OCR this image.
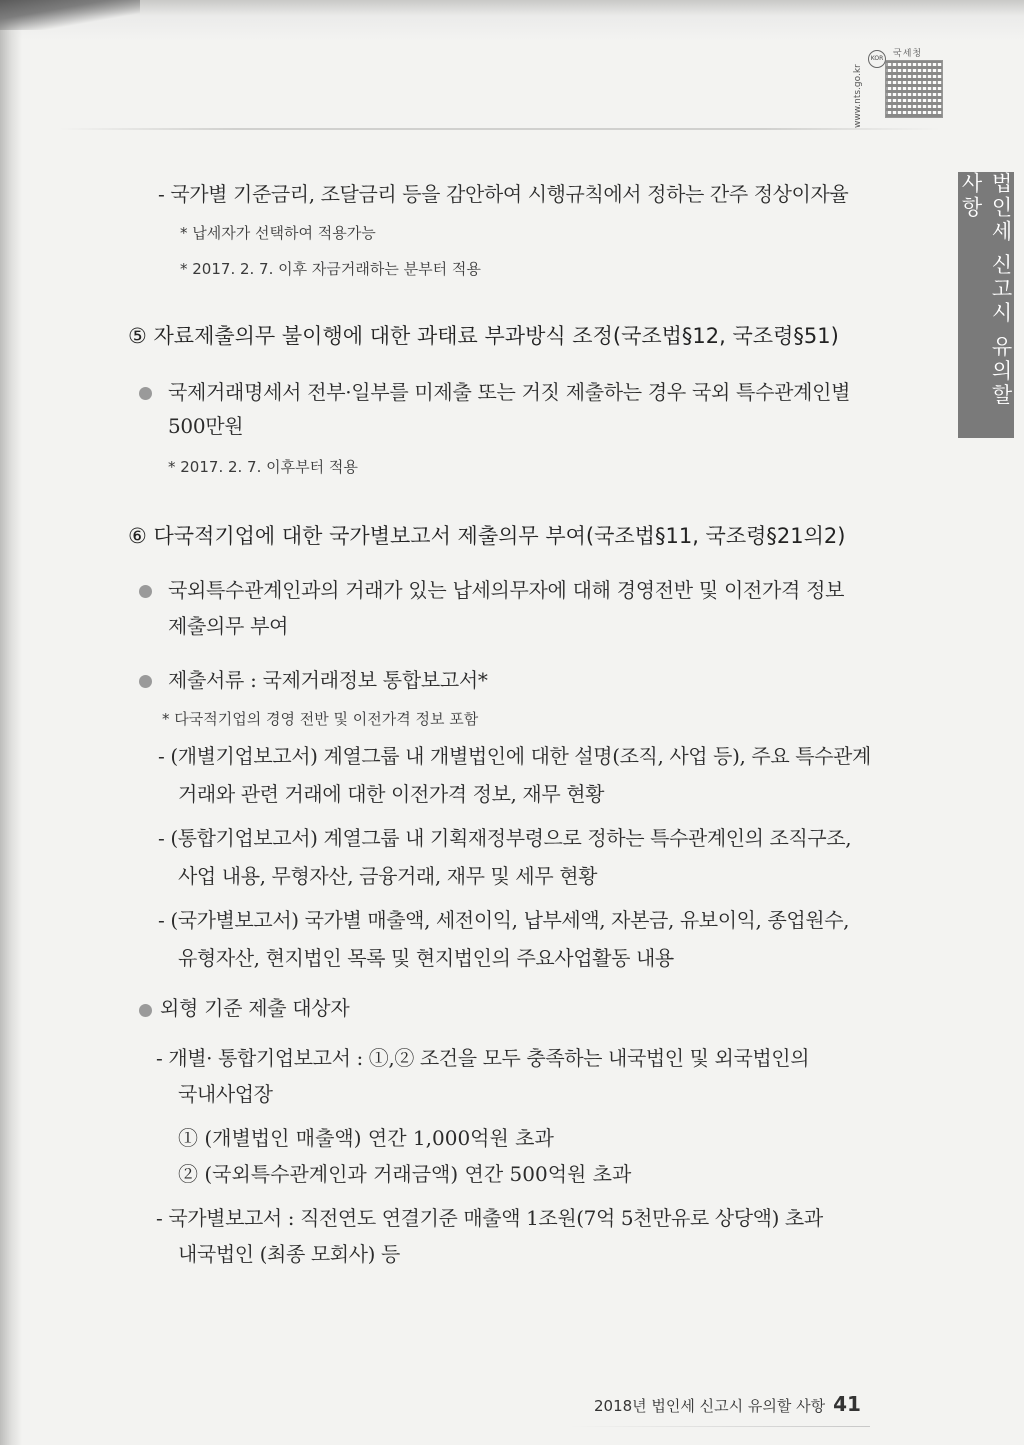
www.nts.go.kr
KOR	국세청
법인세 신고시 유의할 사항
- 국가별 기준금리, 조달금리 등을 감안하여 시행규칙에서 정하는 간주 정상이자율
* 납세자가 선택하여 적용가능
* 2017. 2. 7. 이후 자금거래하는 분부터 적용
⑤ 자료제출의무 불이행에 대한 과태료 부과방식 조정(국조법§12, 국조령§51)
국제거래명세서 전부·일부를 미제출 또는 거짓 제출하는 경우 국외 특수관계인별
500만원
* 2017. 2. 7. 이후부터 적용
⑥ 다국적기업에 대한 국가별보고서 제출의무 부여(국조법§11, 국조령§21의2)
국외특수관계인과의 거래가 있는 납세의무자에 대해 경영전반 및 이전가격 정보
제출의무 부여
제출서류 : 국제거래정보 통합보고서*
* 다국적기업의 경영 전반 및 이전가격 정보 포함
- (개별기업보고서) 계열그룹 내 개별법인에 대한 설명(조직, 사업 등), 주요 특수관계
거래와 관련 거래에 대한 이전가격 정보, 재무 현황
- (통합기업보고서) 계열그룹 내 기획재정부령으로 정하는 특수관계인의 조직구조,
사업 내용, 무형자산, 금융거래, 재무 및 세무 현황
- (국가별보고서) 국가별 매출액, 세전이익, 납부세액, 자본금, 유보이익, 종업원수,
유형자산, 현지법인 목록 및 현지법인의 주요사업활동 내용
외형 기준 제출 대상자
- 개별· 통합기업보고서 : ①,② 조건을 모두 충족하는 내국법인 및 외국법인의
국내사업장
① (개별법인 매출액) 연간 1,000억원 초과
② (국외특수관계인과 거래금액) 연간 500억원 초과
- 국가별보고서 : 직전연도 연결기준 매출액 1조원(7억 5천만유로 상당액) 초과
내국법인 (최종 모회사) 등
2018년 법인세 신고시 유의할 사항 41
